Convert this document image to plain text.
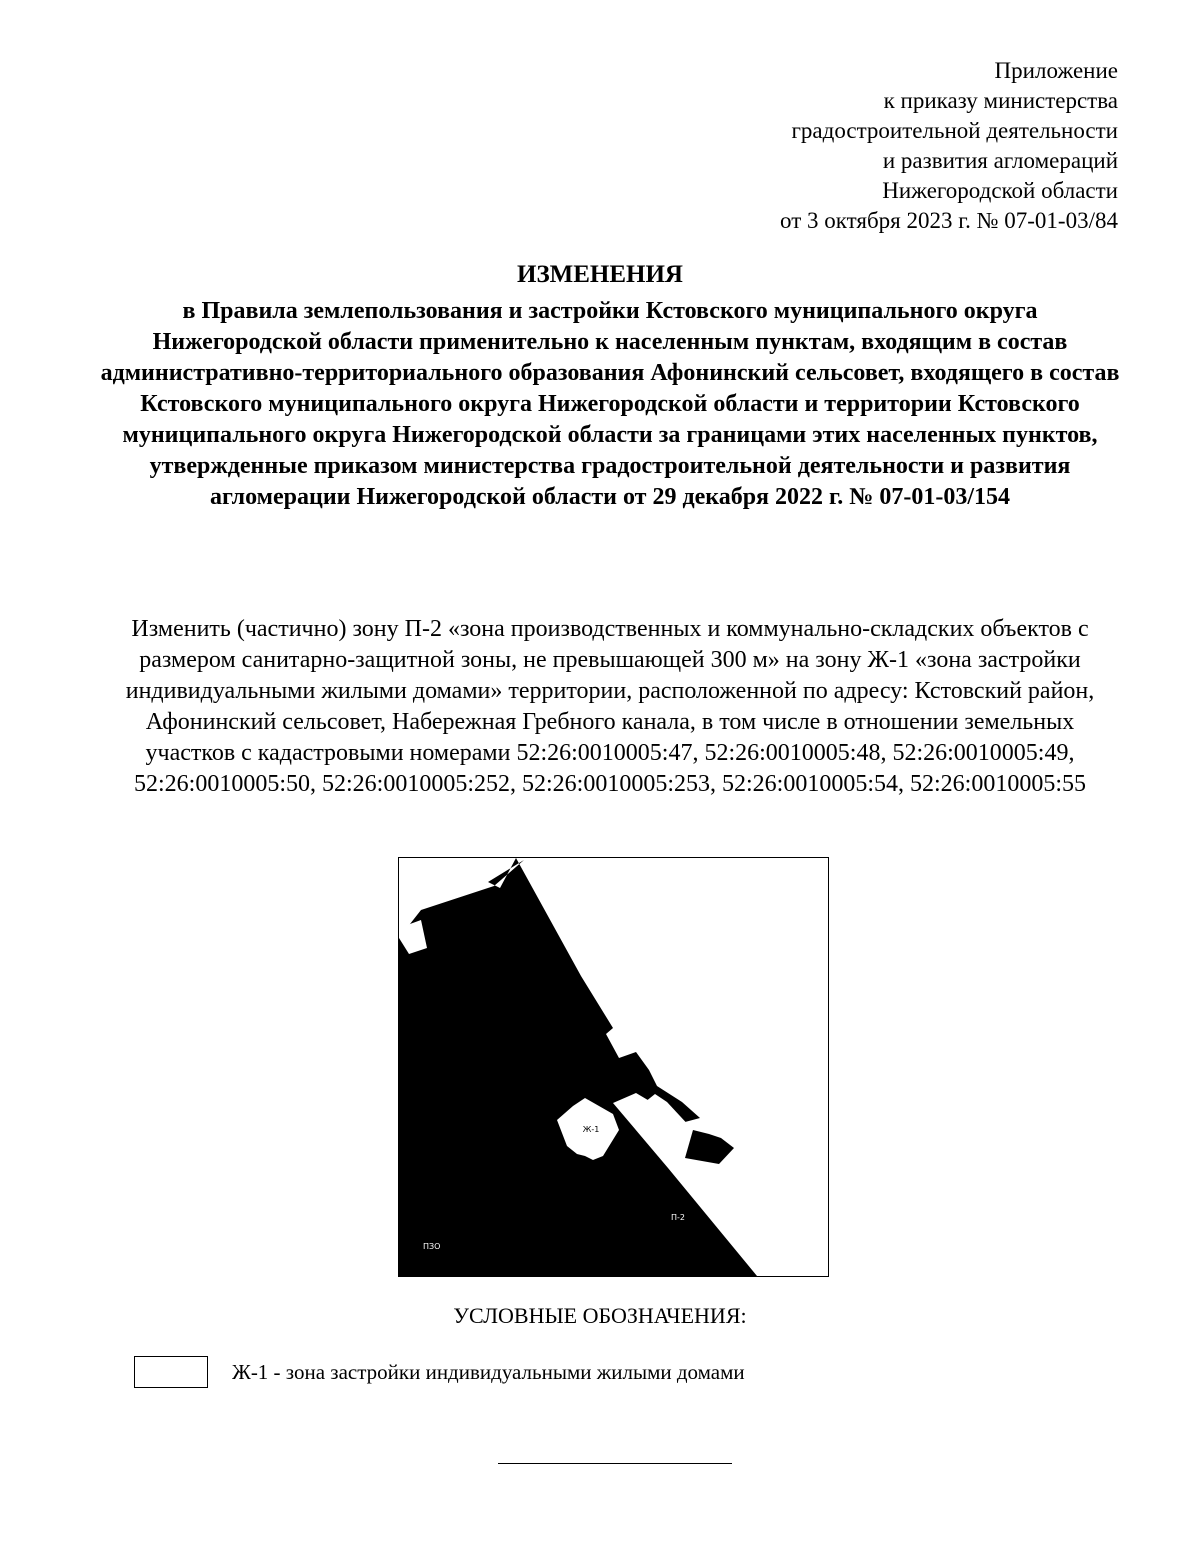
Приложение
к приказу министерства
градостроительной деятельности
и развития агломераций
Нижегородской области
от 3 октября 2023 г. № 07-01-03/84
ИЗМЕНЕНИЯ
в Правила землепользования и застройки Кстовского муниципального округа Нижегородской области применительно к населенным пунктам, входящим в состав административно-территориального образования Афонинский сельсовет, входящего в состав Кстовского муниципального округа Нижегородской области и территории Кстовского муниципального округа Нижегородской области за границами этих населенных пунктов, утвержденные приказом министерства градостроительной деятельности и развития агломерации Нижегородской области от 29 декабря 2022 г. № 07-01-03/154
Изменить (частично) зону П-2 «зона производственных и коммунально-складских объектов с размером санитарно-защитной зоны, не превышающей 300 м» на зону Ж-1 «зона застройки индивидуальными жилыми домами» территории, расположенной по адресу: Кстовский район, Афонинский сельсовет, Набережная Гребного канала, в том числе в отношении земельных участков с кадастровыми номерами 52:26:0010005:47, 52:26:0010005:48, 52:26:0010005:49, 52:26:0010005:50, 52:26:0010005:252, 52:26:0010005:253, 52:26:0010005:54, 52:26:0010005:55
Ж-1
ПЗО
П-2
УСЛОВНЫЕ ОБОЗНАЧЕНИЯ:
Ж-1 - зона застройки индивидуальными жилыми домами
